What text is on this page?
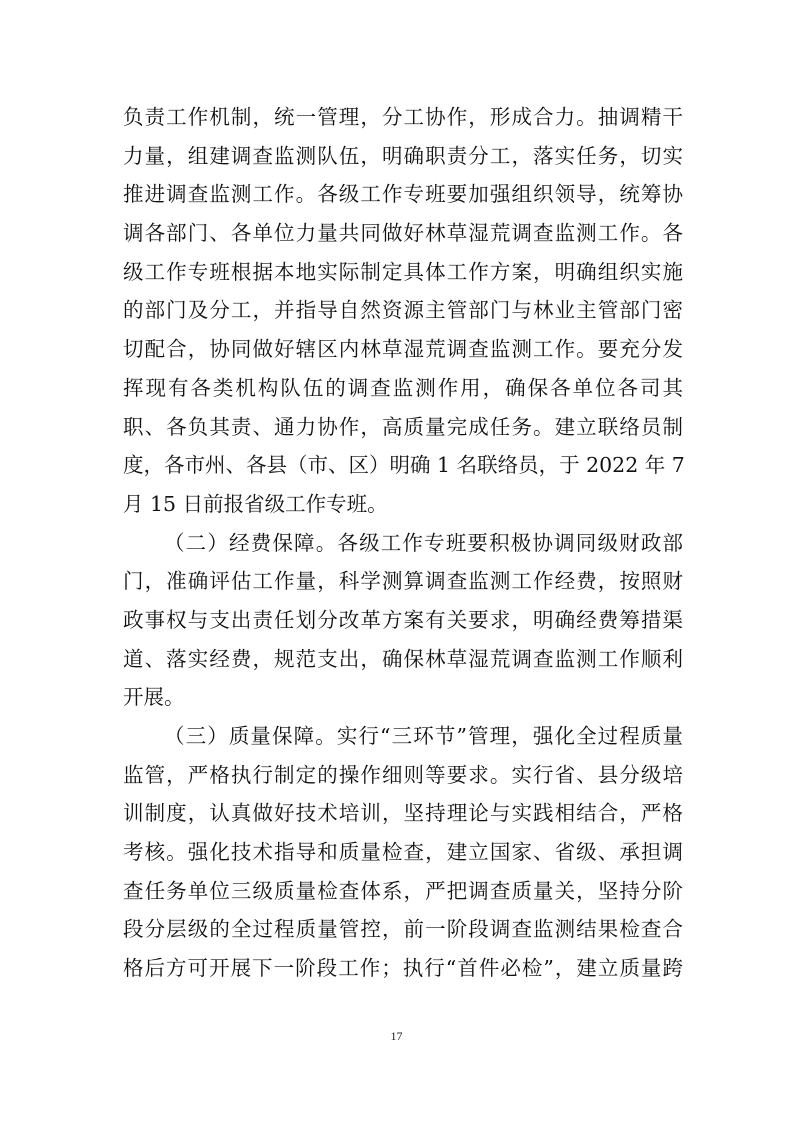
负责工作机制，统一管理，分工协作，形成合力。抽调精干
力量，组建调查监测队伍，明确职责分工，落实任务，切实
推进调查监测工作。各级工作专班要加强组织领导，统筹协
调各部门、各单位力量共同做好林草湿荒调查监测工作。各
级工作专班根据本地实际制定具体工作方案，明确组织实施
的部门及分工，并指导自然资源主管部门与林业主管部门密
切配合，协同做好辖区内林草湿荒调查监测工作。要充分发
挥现有各类机构队伍的调查监测作用，确保各单位各司其
职、各负其责、通力协作，高质量完成任务。建立联络员制
度，各市州、各县（市、区）明确 1 名联络员，于 2022 年 7
月 15 日前报省级工作专班。
（二）经费保障。各级工作专班要积极协调同级财政部
门，准确评估工作量，科学测算调查监测工作经费，按照财
政事权与支出责任划分改革方案有关要求，明确经费筹措渠
道、落实经费，规范支出，确保林草湿荒调查监测工作顺利
开展。
（三）质量保障。实行“三环节”管理，强化全过程质量
监管，严格执行制定的操作细则等要求。实行省、县分级培
训制度，认真做好技术培训，坚持理论与实践相结合，严格
考核。强化技术指导和质量检查，建立国家、省级、承担调
查任务单位三级质量检查体系，严把调查质量关，坚持分阶
段分层级的全过程质量管控，前一阶段调查监测结果检查合
格后方可开展下一阶段工作；执行“首件必检”，建立质量跨
17
